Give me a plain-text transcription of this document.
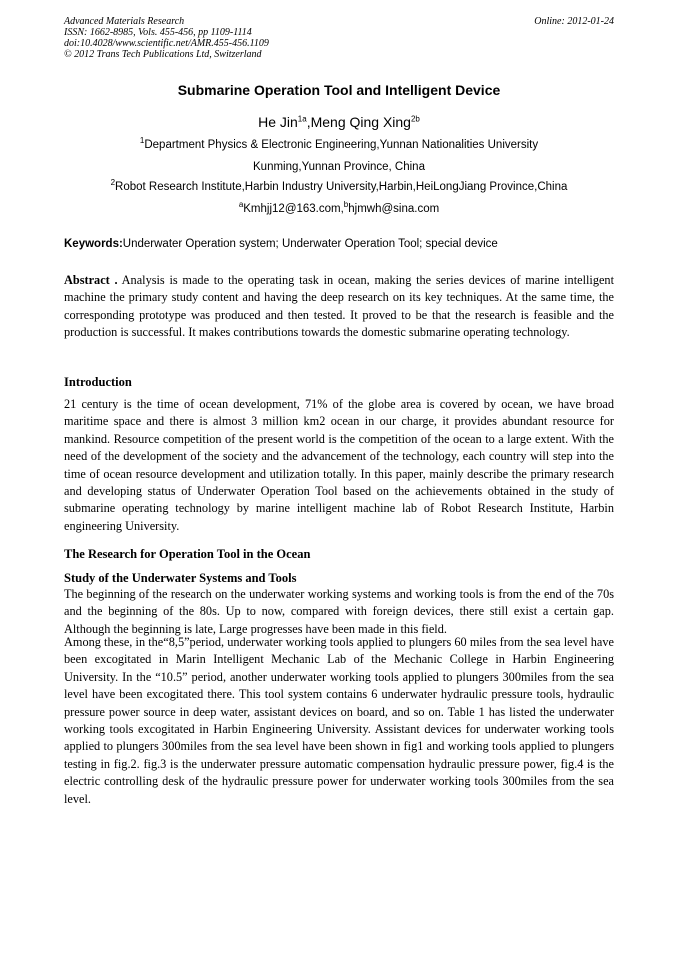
Advanced Materials Research
ISSN: 1662-8985, Vols. 455-456, pp 1109-1114
doi:10.4028/www.scientific.net/AMR.455-456.1109
© 2012 Trans Tech Publications Ltd, Switzerland
Online: 2012-01-24
Submarine Operation Tool and Intelligent Device
He Jin$^{1a}$,Meng Qing Xing$^{2b}$
$^1$Department Physics & Electronic Engineering,Yunnan Nationalities University
Kunming,Yunnan Province, China
$^2$Robot Research Institute,Harbin Industry University,Harbin,HeiLongJiang Province,China
$^a$Kmhjj12@163.com,$^b$hjmwh@sina.com
Keywords:Underwater Operation system; Underwater Operation Tool; special device
Abstract . Analysis is made to the operating task in ocean, making the series devices of marine intelligent machine the primary study content and having the deep research on its key techniques. At the same time, the corresponding prototype was produced and then tested. It proved to be that the research is feasible and the production is successful. It makes contributions towards the domestic submarine operating technology.
Introduction
21 century is the time of ocean development, 71% of the globe area is covered by ocean, we have broad maritime space and there is almost 3 million km2 ocean in our charge, it provides abundant resource for mankind. Resource competition of the present world is the competition of the ocean to a large extent. With the need of the development of the society and the advancement of the technology, each country will step into the time of ocean resource development and utilization totally. In this paper, mainly describe the primary research and developing status of Underwater Operation Tool based on the achievements obtained in the study of submarine operating technology by marine intelligent machine lab of Robot Research Institute, Harbin engineering University.
The Research for Operation Tool in the Ocean
Study of the Underwater Systems and Tools
The beginning of the research on the underwater working systems and working tools is from the end of the 70s and the beginning of the 80s. Up to now, compared with foreign devices, there still exist a certain gap. Although the beginning is late, Large progresses have been made in this field.
Among these, in the“8,5”period, underwater working tools applied to plungers 60 miles from the sea level have been excogitated in Marin Intelligent Mechanic Lab of the Mechanic College in Harbin Engineering University. In the “10.5” period, another underwater working tools applied to plungers 300miles from the sea level have been excogitated there. This tool system contains 6 underwater hydraulic pressure tools, hydraulic pressure power source in deep water, assistant devices on board, and so on. Table 1 has listed the underwater working tools excogitated in Harbin Engineering University. Assistant devices for underwater working tools applied to plungers 300miles from the sea level have been shown in fig1 and working tools applied to plungers testing in fig.2. fig.3 is the underwater pressure automatic compensation hydraulic pressure power, fig.4 is the electric controlling desk of the hydraulic pressure power for underwater working tools 300miles from the sea level.
